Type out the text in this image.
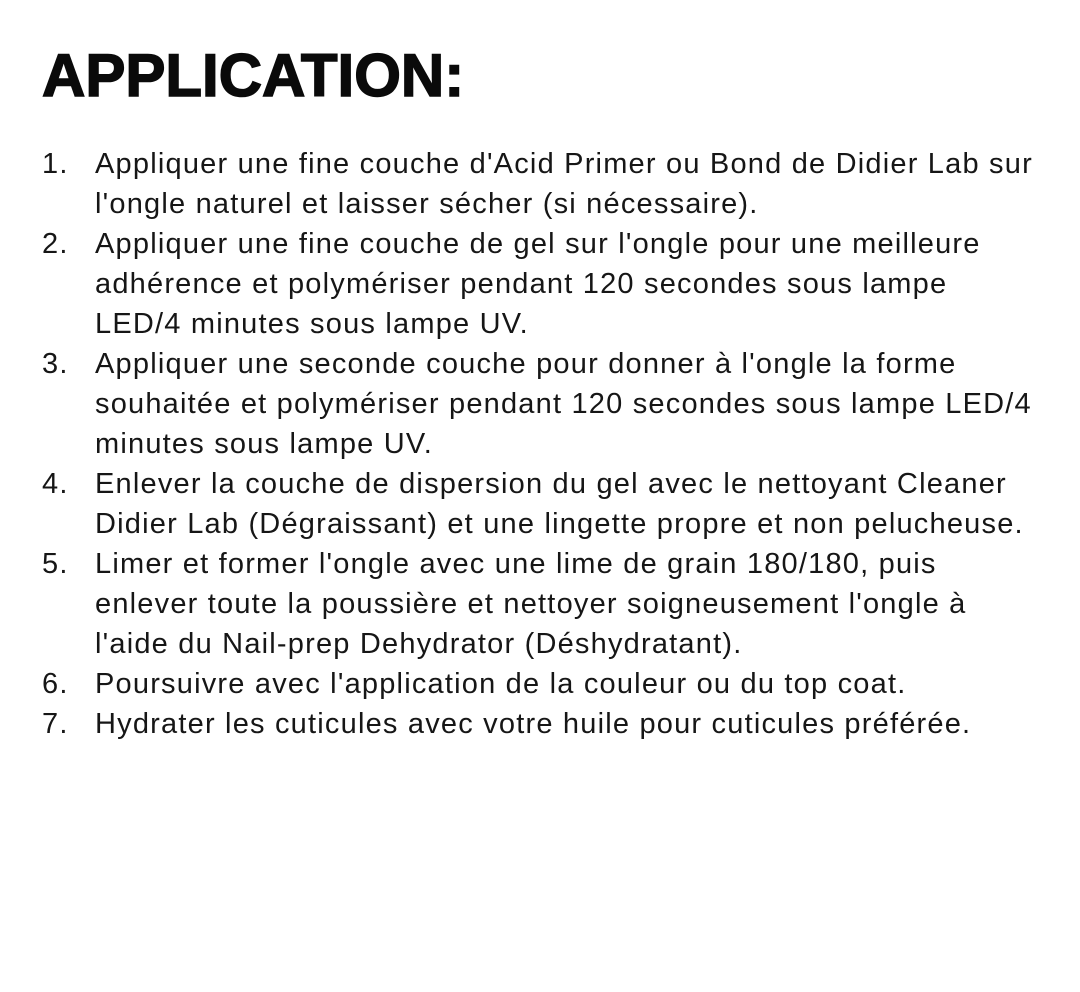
APPLICATION:
1. Appliquer une fine couche d'Acid Primer ou Bond de Didier Lab sur l'ongle naturel et laisser sécher (si nécessaire).
2. Appliquer une fine couche de gel sur l'ongle pour une meilleure adhérence et polymériser pendant 120 secondes sous lampe LED/4 minutes sous lampe UV.
3. Appliquer une seconde couche pour donner à l'ongle la forme souhaitée et polymériser pendant 120 secondes sous lampe LED/4 minutes sous lampe UV.
4. Enlever la couche de dispersion du gel avec le nettoyant Cleaner Didier Lab (Dégraissant) et une lingette propre et non pelucheuse.
5. Limer et former l'ongle avec une lime de grain 180/180, puis enlever toute la poussière et nettoyer soigneusement l'ongle à l'aide du Nail-prep Dehydrator (Déshydratant).
6. Poursuivre avec l'application de la couleur ou du top coat.
7. Hydrater les cuticules avec votre huile pour cuticules préférée.
